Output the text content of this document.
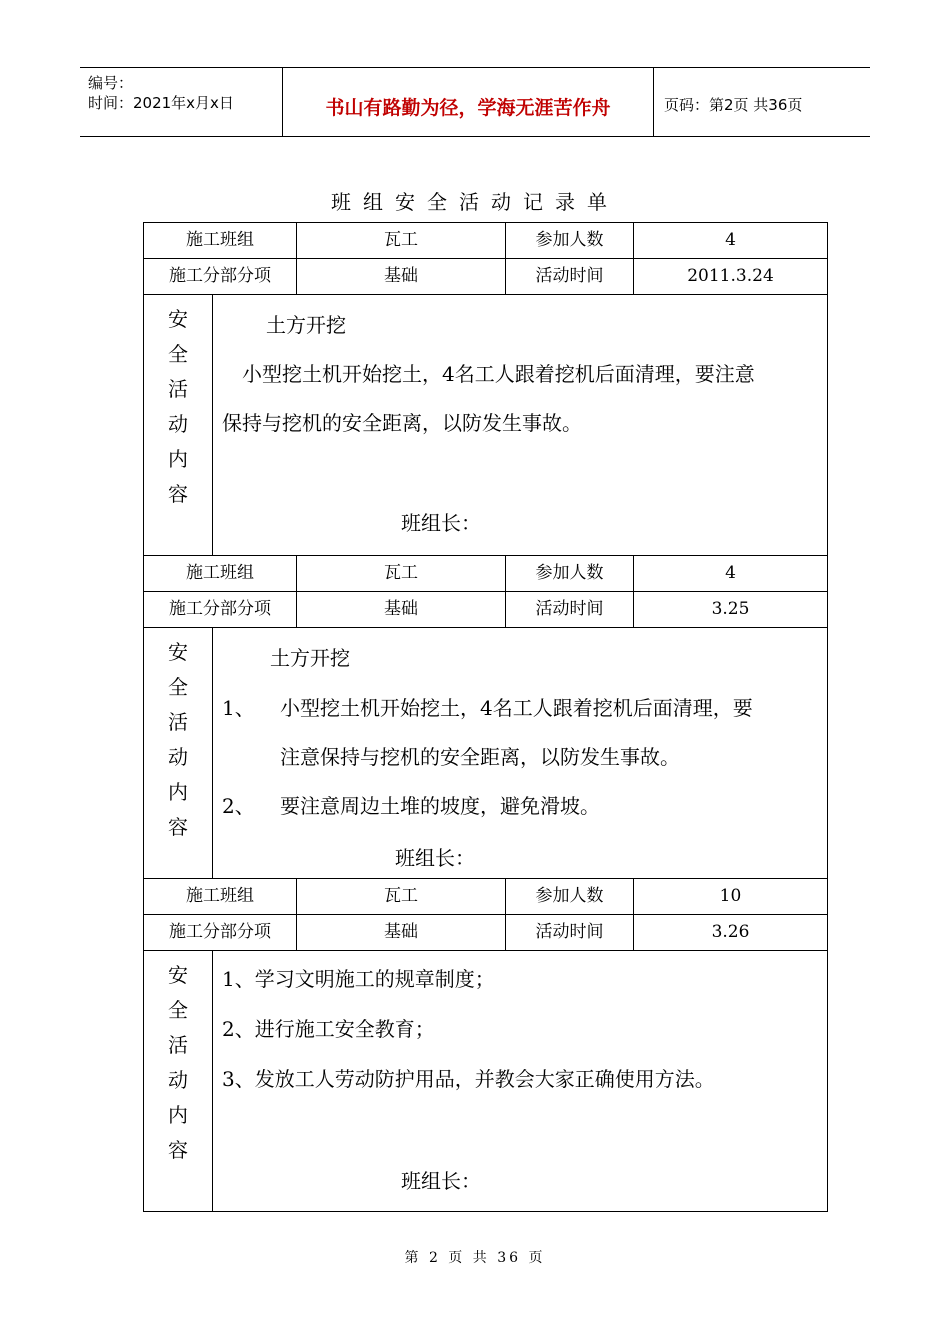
编号：
时间：2021年x月x日	书山有路勤为径，学海无涯苦作舟	页码：第2页 共36页
班组安全活动记录单
施工班组	瓦工	参加人数	4
施工分部分项	基础	活动时间	2011.3.24
安
全
活
动
内
容
土方开挖
小型挖土机开始挖土，4名工人跟着挖机后面清理，要注意
保持与挖机的安全距离，以防发生事故。
班组长：
施工班组	瓦工	参加人数	4
施工分部分项	基础	活动时间	3.25
安
全
活
动
内
容
土方开挖
1、 小型挖土机开始挖土，4名工人跟着挖机后面清理，要
注意保持与挖机的安全距离，以防发生事故。
2、 要注意周边土堆的坡度，避免滑坡。
班组长：
施工班组	瓦工	参加人数	10
施工分部分项	基础	活动时间	3.26
安
全
活
动
内
容
1、学习文明施工的规章制度；
2、进行施工安全教育；
3、发放工人劳动防护用品，并教会大家正确使用方法。
班组长：
第 2 页 共 36 页
